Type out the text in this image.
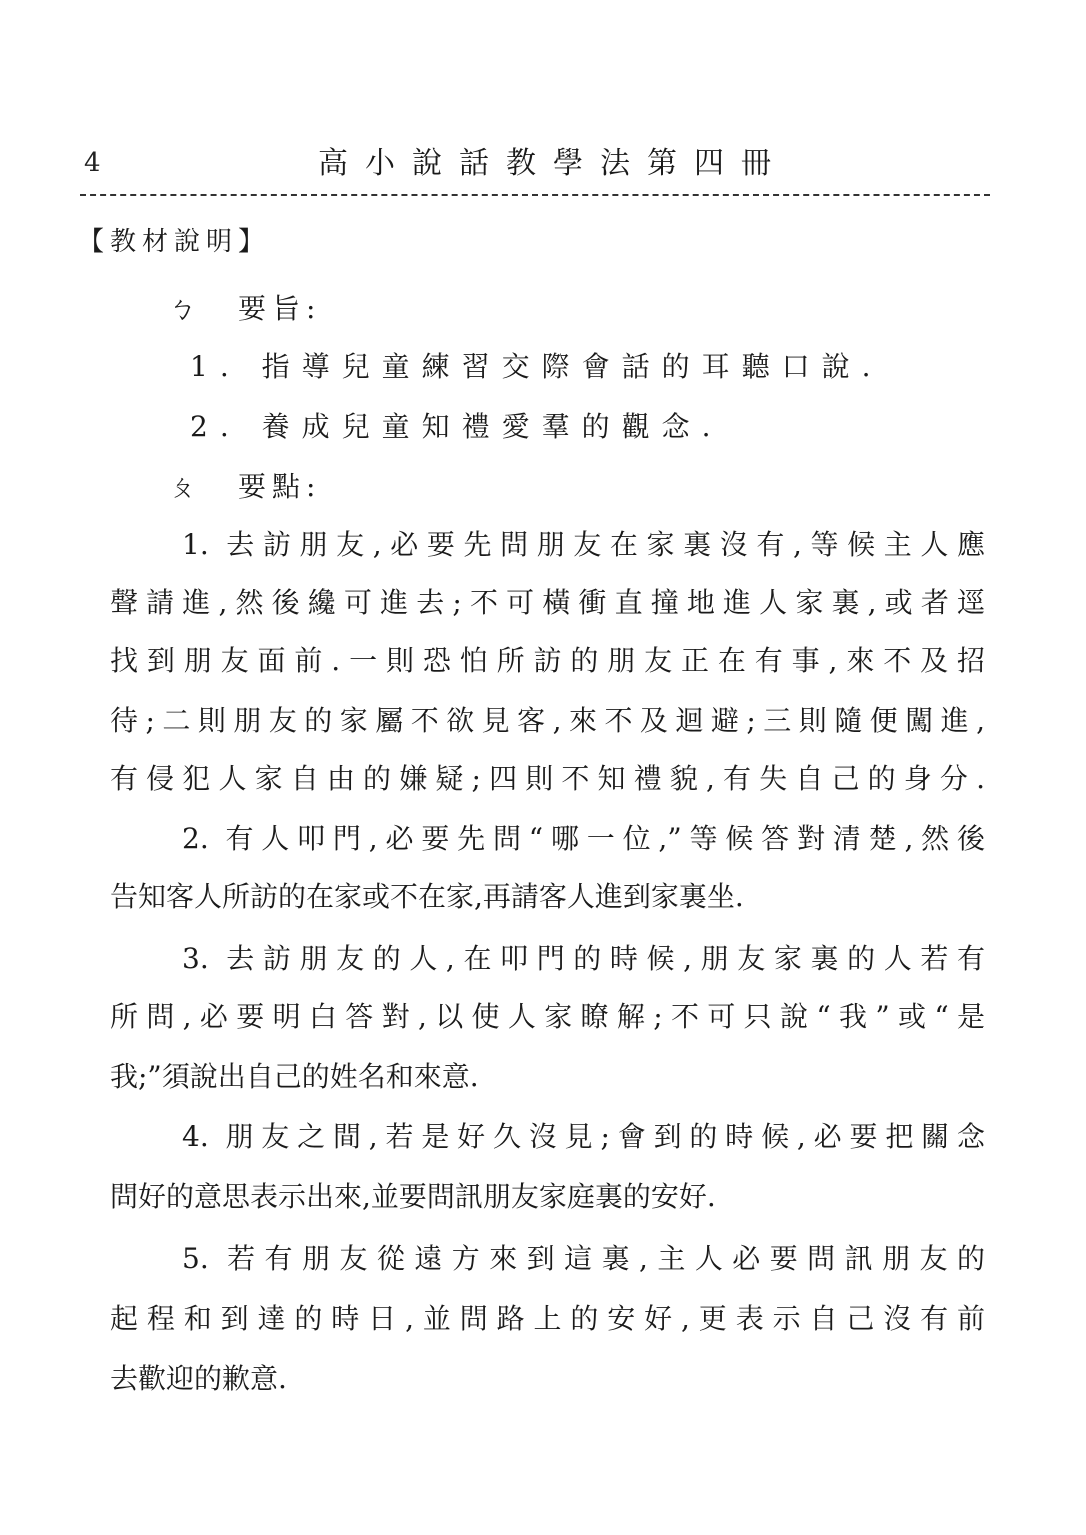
4	高小說話教學法第四冊
【教材說明】
ㄅ 要旨:
1. 指導兒童練習交際會話的耳聽口說.
2. 養成兒童知禮愛羣的觀念.
ㄆ 要點:
1. 去訪朋友,必要先問朋友在家裏沒有,等候主人應
聲請進,然後纔可進去;不可橫衝直撞地進人家裏,或者逕
找到朋友面前.一則恐怕所訪的朋友正在有事,來不及招
待;二則朋友的家屬不欲見客,來不及迴避;三則隨便闖進,
有侵犯人家自由的嫌疑;四則不知禮貌,有失自己的身分.
2. 有人叩門,必要先問“哪一位,”等候答對清楚,然後
告知客人所訪的在家或不在家,再請客人進到家裏坐.
3. 去訪朋友的人,在叩門的時候,朋友家裏的人若有
所問,必要明白答對,以使人家瞭解;不可只說“我”或“是
我;”須說出自己的姓名和來意.
4. 朋友之間,若是好久沒見;會到的時候,必要把關念
問好的意思表示出來,並要問訊朋友家庭裏的安好.
5. 若有朋友從遠方來到這裏,主人必要問訊朋友的
起程和到達的時日,並問路上的安好,更表示自己沒有前
去歡迎的歉意.
